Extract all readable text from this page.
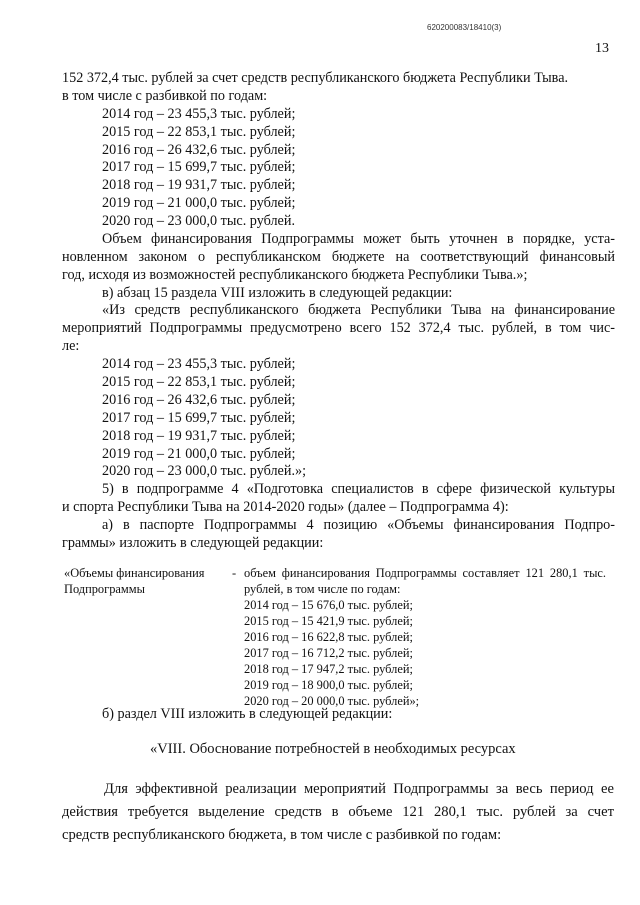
620200083/18410(3)
13
152 372,4 тыс. рублей за счет средств республиканского бюджета Республики Тыва.
в том числе с разбивкой по годам:
2014 год – 23 455,3 тыс. рублей;
2015 год – 22 853,1 тыс. рублей;
2016 год – 26 432,6 тыс. рублей;
2017 год – 15 699,7 тыс. рублей;
2018 год – 19 931,7 тыс. рублей;
2019 год – 21 000,0 тыс. рублей;
2020 год – 23 000,0 тыс. рублей.
Объем финансирования Подпрограммы может быть уточнен в порядке, уста-
новленном законом о республиканском бюджете на соответствующий финансовый
год, исходя из возможностей республиканского бюджета Республики Тыва.»;
в) абзац 15 раздела VIII изложить в следующей редакции:
«Из средств республиканского бюджета Республики Тыва на финансирование
мероприятий Подпрограммы предусмотрено всего 152 372,4 тыс. рублей, в том чис-
ле:
2014 год – 23 455,3 тыс. рублей;
2015 год – 22 853,1 тыс. рублей;
2016 год – 26 432,6 тыс. рублей;
2017 год – 15 699,7 тыс. рублей;
2018 год – 19 931,7 тыс. рублей;
2019 год – 21 000,0 тыс. рублей;
2020 год – 23 000,0 тыс. рублей.»;
5) в подпрограмме 4 «Подготовка специалистов в сфере физической культуры
и спорта Республики Тыва на 2014-2020 годы» (далее – Подпрограмма 4):
а) в паспорте Подпрограммы 4 позицию «Объемы финансирования Подпро-
граммы» изложить в следующей редакции:
«Объемы финансирования
Подпрограммы
- объем финансирования Подпрограммы составляет 121 280,1 тыс.
рублей, в том числе по годам:
2014 год – 15 676,0 тыс. рублей;
2015 год – 15 421,9 тыс. рублей;
2016 год – 16 622,8 тыс. рублей;
2017 год – 16 712,2 тыс. рублей;
2018 год – 17 947,2 тыс. рублей;
2019 год – 18 900,0 тыс. рублей;
2020 год – 20 000,0 тыс. рублей»;
б) раздел VIII изложить в следующей редакции:
«VIII. Обоснование потребностей в необходимых ресурсах
Для эффективной реализации мероприятий Подпрограммы за весь период ее
действия требуется выделение средств в объеме 121 280,1 тыс. рублей за счет
средств республиканского бюджета, в том числе с разбивкой по годам:
